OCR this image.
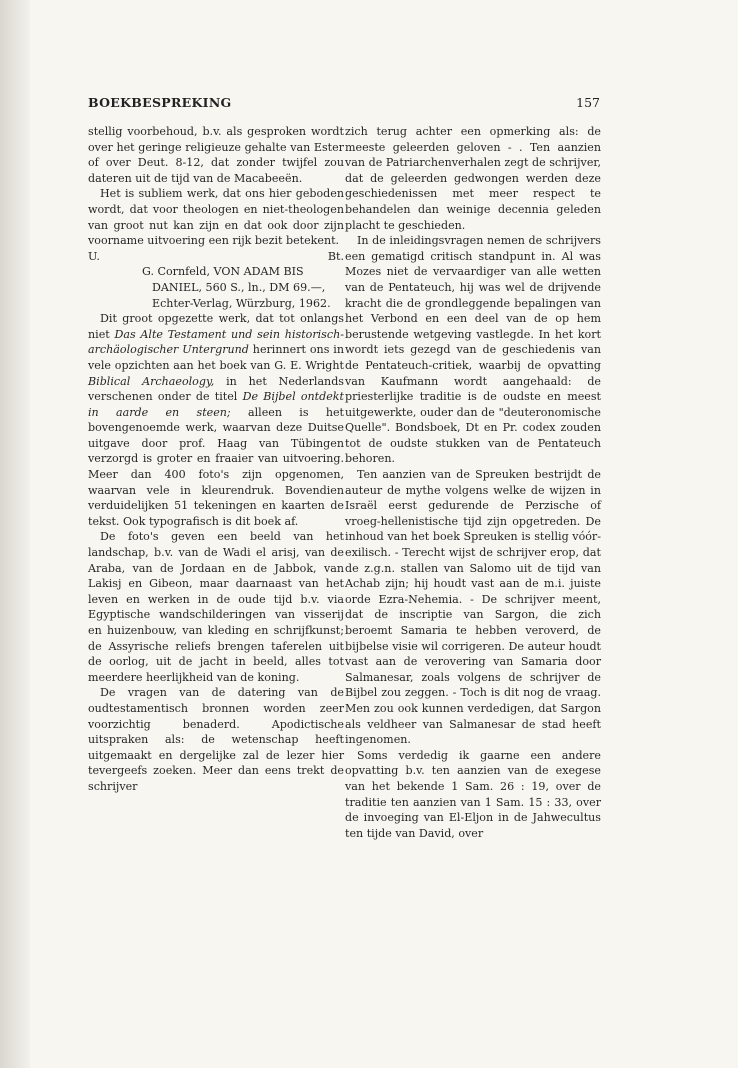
BOEKBESPREKING	157

stellig voorbehoud, b.v. als gesproken wordt over het geringe religieuze gehalte van Ester of over Deut. 8-12, dat zonder twijfel zou dateren uit de tijd van de Macabeeën.

Het is subliem werk, dat ons hier geboden wordt, dat voor theologen en niet-theologen van groot nut kan zijn en dat ook door zijn voorname uitvoering een rijk bezit betekent.

U.	Bt.

G. Cornfeld, VON ADAM BIS
DANIEL, 560 S., ln., DM 69.—,
Echter-Verlag, Würzburg, 1962.

Dit groot opgezette werk, dat tot onlangs niet Das Alte Testament und sein historisch-archäologischer Untergrund herinnert ons in vele opzichten aan het boek van G. E. Wright Biblical Archaeology, in het Nederlands verschenen onder de titel De Bijbel ontdekt in aarde en steen; alleen is het bovengenoemde werk, waarvan deze Duitse uitgave door prof. Haag van Tübingen verzorgd is groter en fraaier van uitvoering. Meer dan 400 foto's zijn opgenomen, waarvan vele in kleurendruk. Bovendien verduidelijken 51 tekeningen en kaarten de tekst. Ook typografisch is dit boek af.

De foto's geven een beeld van het landschap, b.v. van de Wadi el arisj, van de Araba, van de Jordaan en de Jabbok, van Lakisj en Gibeon, maar daarnaast van het leven en werken in de oude tijd b.v. via Egyptische wandschilderingen van visserij en huizenbouw, van kleding en schrijfkunst; de Assyrische reliefs brengen taferelen uit de oorlog, uit de jacht in beeld, alles tot meerdere heerlijkheid van de koning.

De vragen van de datering van de oudtestamentisch bronnen worden zeer voorzichtig benaderd. Apodictische uitspraken als: de wetenschap heeft uitgemaakt en dergelijke zal de lezer hier tevergeefs zoeken. Meer dan eens trekt de schrijver

zich terug achter een opmerking als: de meeste geleerden geloven - . Ten aanzien van de Patriarchenverhalen zegt de schrijver, dat de geleerden gedwongen werden deze geschiedenissen met meer respect te behandelen dan weinige decennia geleden placht te geschieden.

In de inleidingsvragen nemen de schrijvers een gematigd critisch standpunt in. Al was Mozes niet de vervaardiger van alle wetten van de Pentateuch, hij was wel de drijvende kracht die de grondleggende bepalingen van het Verbond en een deel van de op hem berustende wetgeving vastlegde. In het kort wordt iets gezegd van de geschiedenis van de Pentateuch-critiek, waarbij de opvatting van Kaufmann wordt aangehaald: de priesterlijke traditie is de oudste en meest uitgewerkte, ouder dan de "deuteronomische Quelle". Bondsboek, Dt en Pr. codex zouden tot de oudste stukken van de Pentateuch behoren.

Ten aanzien van de Spreuken bestrijdt de auteur de mythe volgens welke de wijzen in Israël eerst gedurende de Perzische of vroeg-hellenistische tijd zijn opgetreden. De inhoud van het boek Spreuken is stellig vóór-exilisch. - Terecht wijst de schrijver erop, dat de z.g.n. stallen van Salomo uit de tijd van Achab zijn; hij houdt vast aan de m.i. juiste orde Ezra-Nehemia. - De schrijver meent, dat de inscriptie van Sargon, die zich beroemt Samaria te hebben veroverd, de bijbelse visie wil corrigeren. De auteur houdt vast aan de verovering van Samaria door Salmanesar, zoals volgens de schrijver de Bijbel zou zeggen. - Toch is dit nog de vraag. Men zou ook kunnen verdedigen, dat Sargon als veldheer van Salmanesar de stad heeft ingenomen.

Soms verdedig ik gaarne een andere opvatting b.v. ten aanzien van de exegese van het bekende 1 Sam. 26 : 19, over de traditie ten aanzien van 1 Sam. 15 : 33, over de invoeging van El-Eljon in de Jahwecultus ten tijde van David, over
